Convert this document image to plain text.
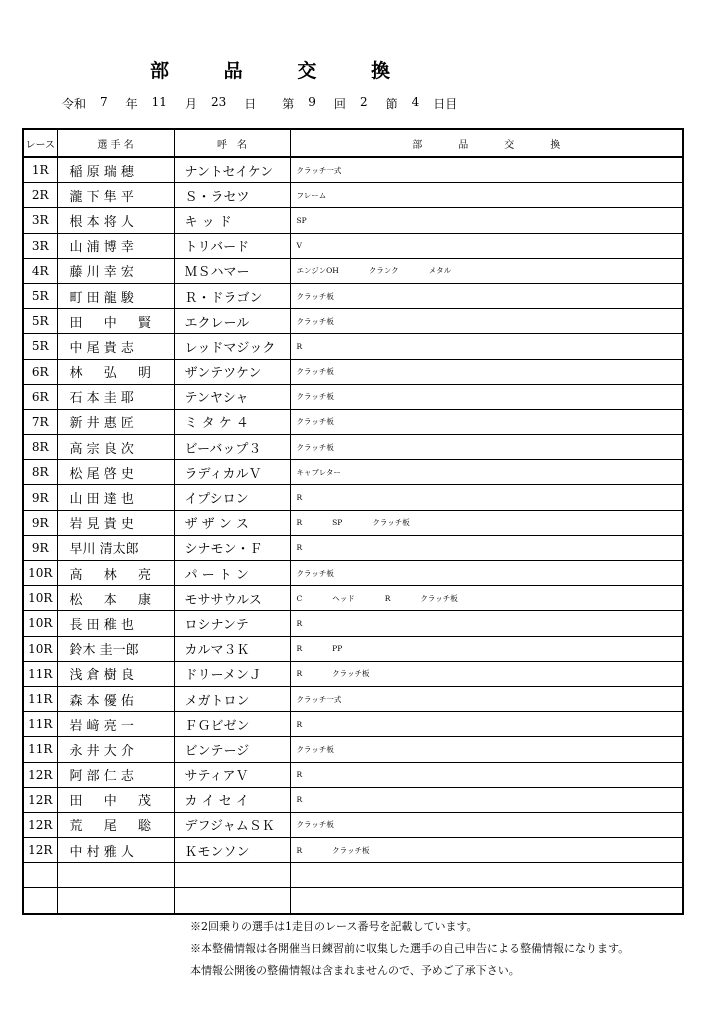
部	品	交	換
令和 7 年 11 月 23 日 第 9 回 2 節 4 日目
レース	選 手 名	呼　名	部 品 交 換
1R	稲 原 瑞 穂	ナントセイケン	クラッチ一式
2R	瀧 下 隼 平	Ｓ・ラセツ	フレーム
3R	根 本 将 人	キ ッ ド	SP
3R	山 浦 博 幸	トリバード	V
4R	藤 川 幸 宏	ＭＳハマー	エンジンOH クランク メタル
5R	町 田 龍 駿	Ｒ・ドラゴン	クラッチ板
5R	田 　 中 　 賢	エクレール	クラッチ板
5R	中 尾 貴 志	レッドマジック	R
6R	林 　 弘 　 明	ザンテツケン	クラッチ板
6R	石 本 圭 耶	テンヤシャ	クラッチ板
7R	新 井 惠 匠	ミ タ ケ ４	クラッチ板
8R	高 宗 良 次	ビーバップ３	クラッチ板
8R	松 尾 啓 史	ラディカルＶ	キャブレター
9R	山 田 達 也	イプシロン	R
9R	岩 見 貴 史	ザ ザ ン ス	R SP クラッチ板
9R	早川 清太郎	シナモン・Ｆ	R
10R	高 　 林 　 亮	パ ー ト ン	クラッチ板
10R	松 　 本 　 康	モササウルス	C ヘッド R クラッチ板
10R	長 田 稚 也	ロシナンテ	R
10R	鈴木 圭一郎	カルマ３Ｋ	R PP
11R	浅 倉 樹 良	ドリーメンＪ	R クラッチ板
11R	森 本 優 佑	メガトロン	クラッチ一式
11R	岩 﨑 亮 一	ＦＧビゼン	R
11R	永 井 大 介	ビンテージ	クラッチ板
12R	阿 部 仁 志	サティアＶ	R
12R	田 　 中 　 茂	カ イ セ イ	R
12R	荒 　 尾 　 聡	デフジャムＳＫ	クラッチ板
12R	中 村 雅 人	Ｋモンソン	R クラッチ板

※2回乗りの選手は1走目のレース番号を記載しています。
※本整備情報は各開催当日練習前に収集した選手の自己申告による整備情報になります。
本情報公開後の整備情報は含まれませんので、予めご了承下さい。
